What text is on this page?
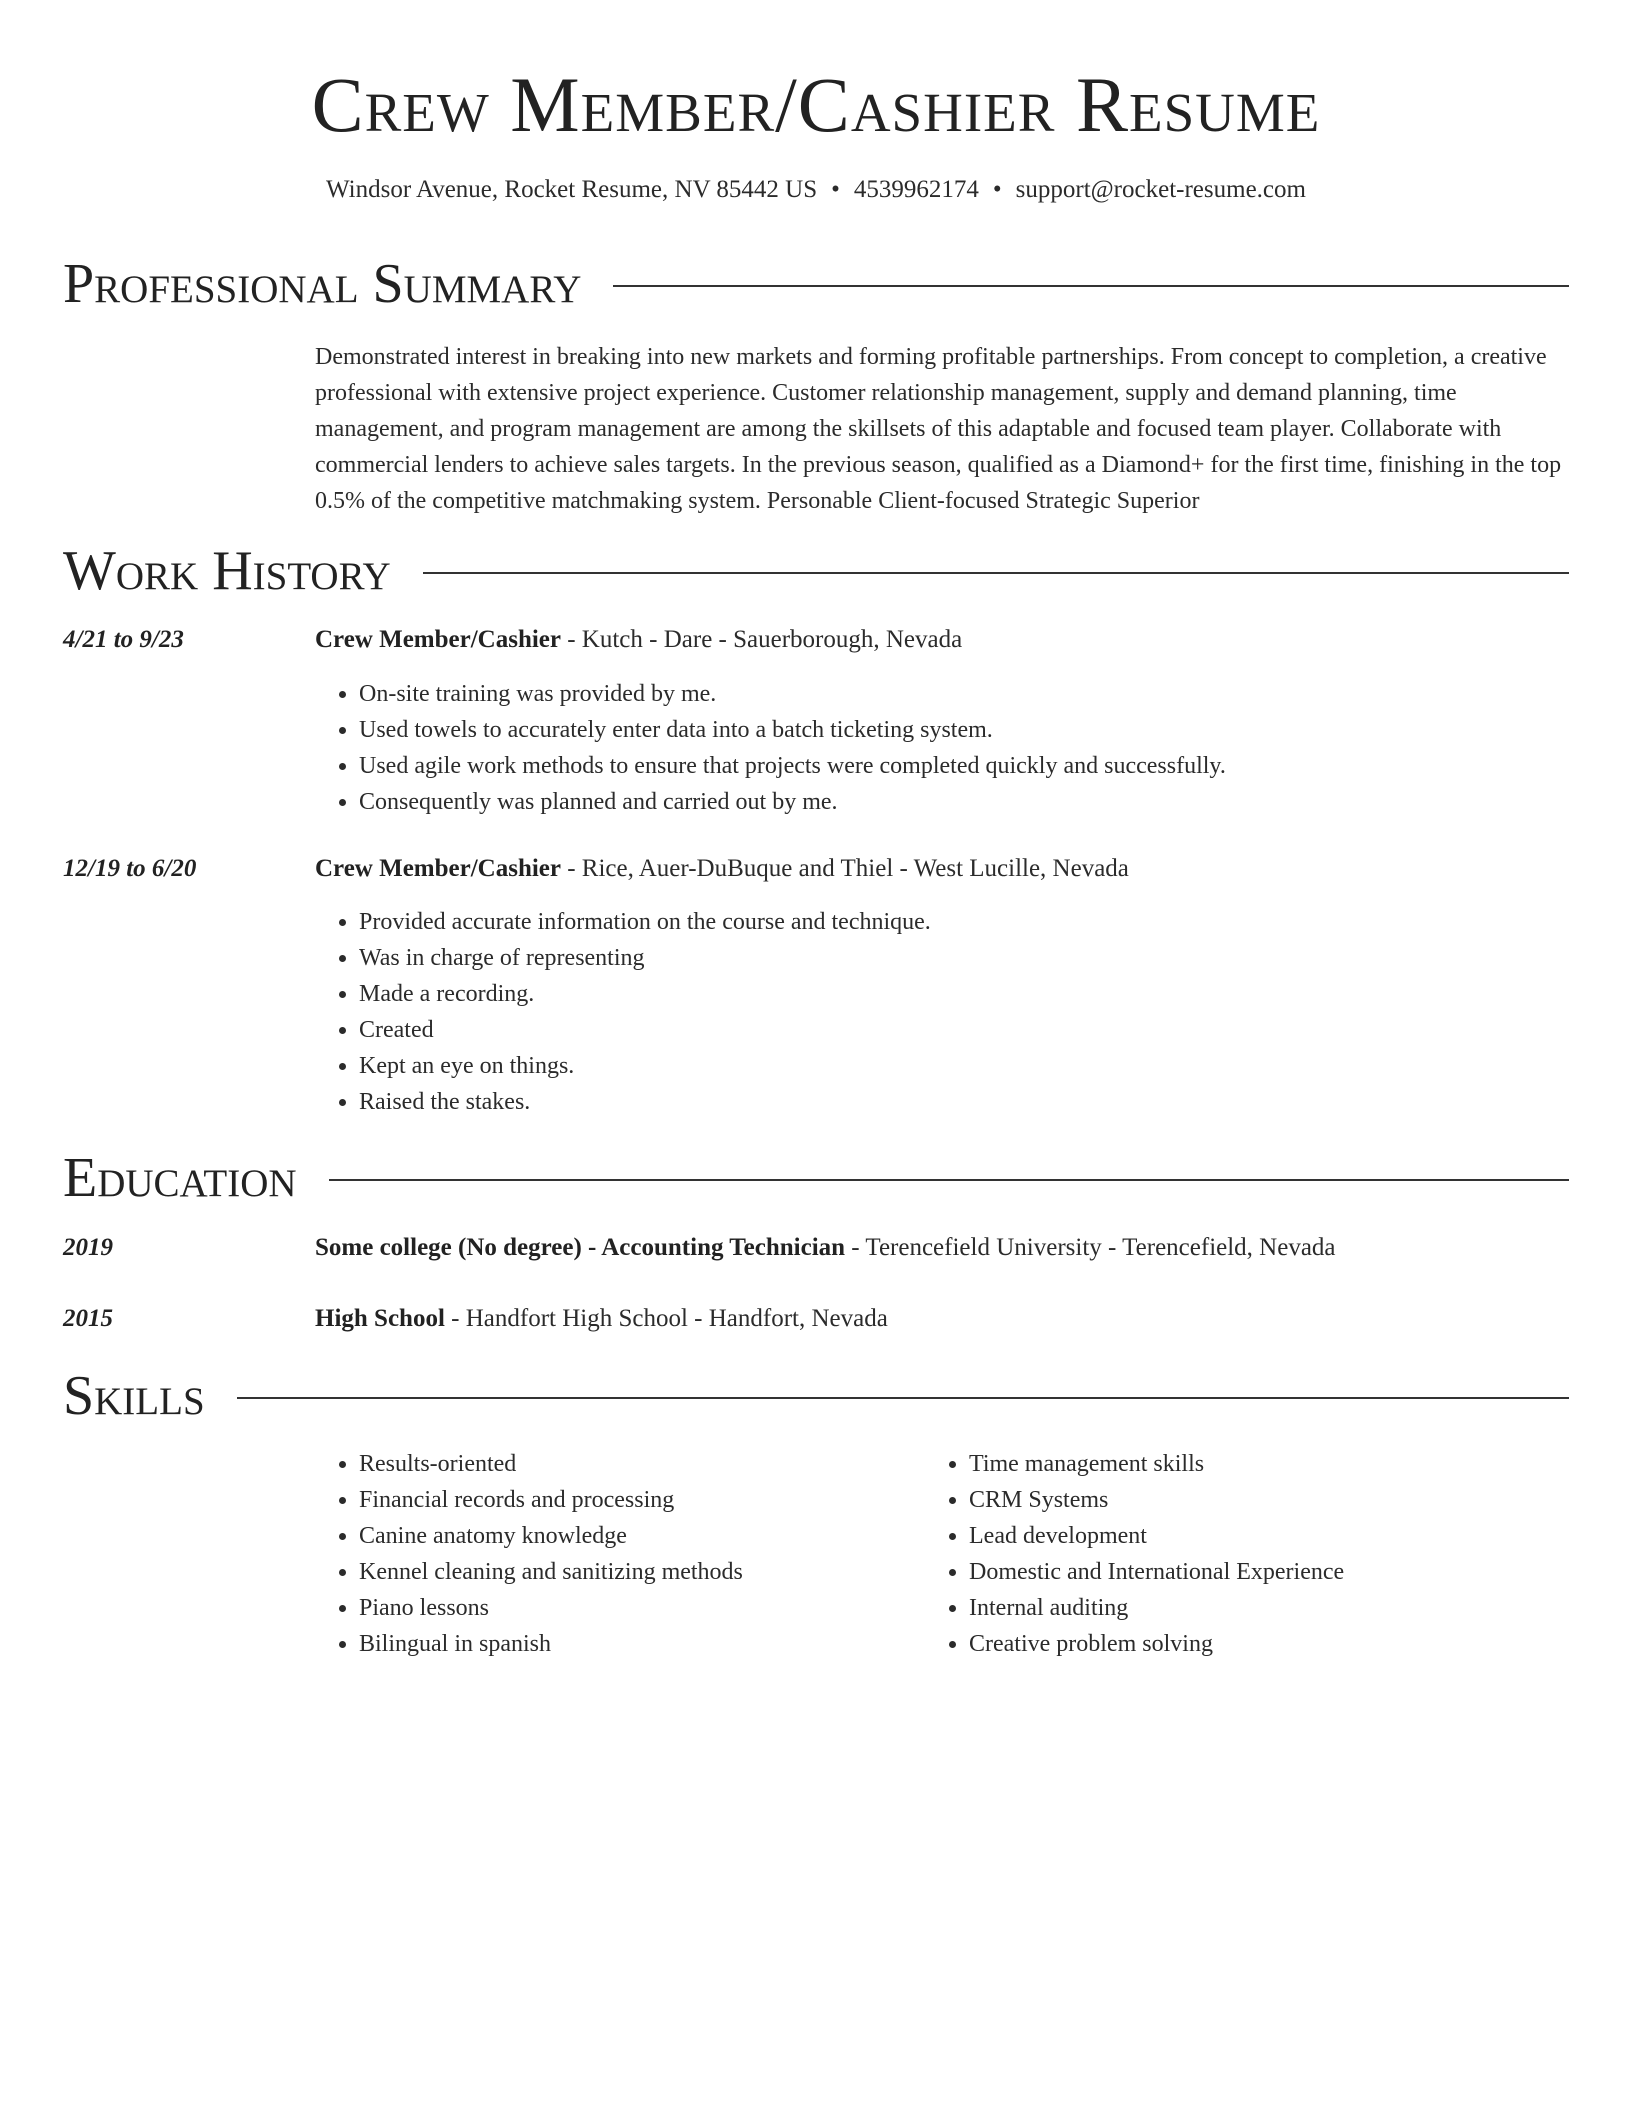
Crew Member/Cashier Resume
Windsor Avenue, Rocket Resume, NV 85442 US • 4539962174 • support@rocket-resume.com
Professional Summary
Demonstrated interest in breaking into new markets and forming profitable partnerships. From concept to completion, a creative professional with extensive project experience. Customer relationship management, supply and demand planning, time management, and program management are among the skillsets of this adaptable and focused team player. Collaborate with commercial lenders to achieve sales targets. In the previous season, qualified as a Diamond+ for the first time, finishing in the top 0.5% of the competitive matchmaking system. Personable Client-focused Strategic Superior
Work History
4/21 to 9/23	Crew Member/Cashier - Kutch - Dare - Sauerborough, Nevada
• On-site training was provided by me.
• Used towels to accurately enter data into a batch ticketing system.
• Used agile work methods to ensure that projects were completed quickly and successfully.
• Consequently was planned and carried out by me.
12/19 to 6/20	Crew Member/Cashier - Rice, Auer-DuBuque and Thiel - West Lucille, Nevada
• Provided accurate information on the course and technique.
• Was in charge of representing
• Made a recording.
• Created
• Kept an eye on things.
• Raised the stakes.
Education
2019	Some college (No degree) - Accounting Technician - Terencefield University - Terencefield, Nevada
2015	High School - Handfort High School - Handfort, Nevada
Skills
• Results-oriented
• Financial records and processing
• Canine anatomy knowledge
• Kennel cleaning and sanitizing methods
• Piano lessons
• Bilingual in spanish
• Time management skills
• CRM Systems
• Lead development
• Domestic and International Experience
• Internal auditing
• Creative problem solving
